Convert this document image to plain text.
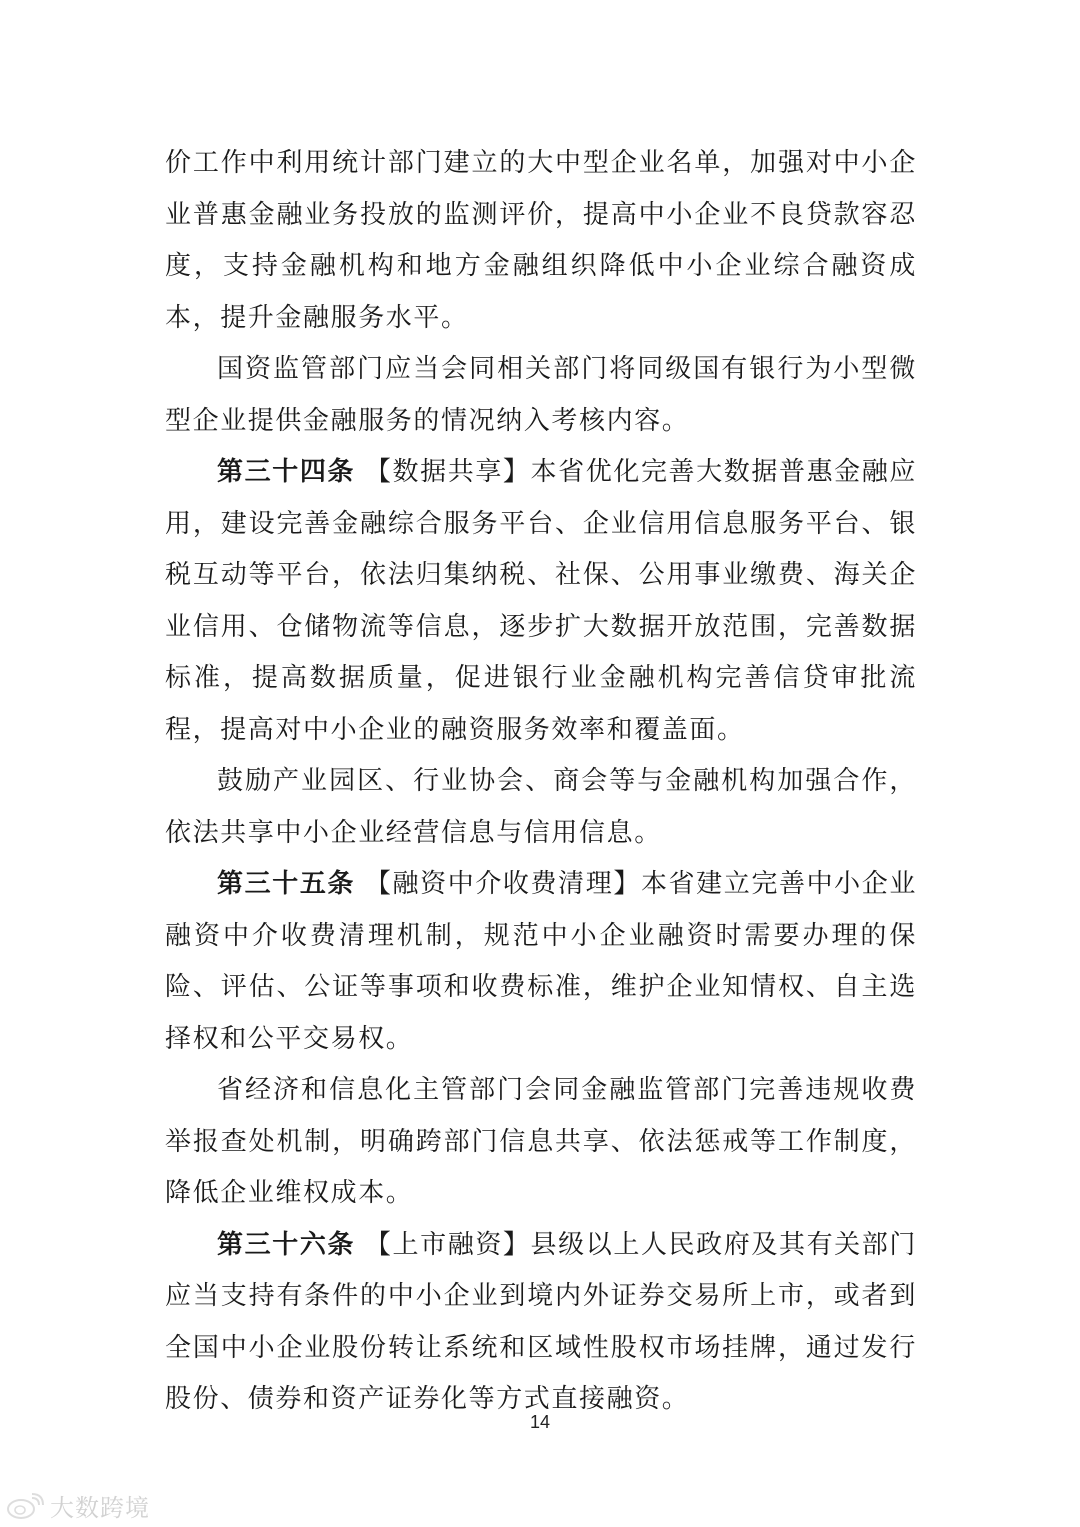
价工作中利用统计部门建立的大中型企业名单，加强对中小企业普惠金融业务投放的监测评价，提高中小企业不良贷款容忍度，支持金融机构和地方金融组织降低中小企业综合融资成本，提升金融服务水平。

国资监管部门应当会同相关部门将同级国有银行为小型微型企业提供金融服务的情况纳入考核内容。

第三十四条 【数据共享】本省优化完善大数据普惠金融应用，建设完善金融综合服务平台、企业信用信息服务平台、银税互动等平台，依法归集纳税、社保、公用事业缴费、海关企业信用、仓储物流等信息，逐步扩大数据开放范围，完善数据标准，提高数据质量，促进银行业金融机构完善信贷审批流程，提高对中小企业的融资服务效率和覆盖面。

鼓励产业园区、行业协会、商会等与金融机构加强合作，依法共享中小企业经营信息与信用信息。

第三十五条 【融资中介收费清理】本省建立完善中小企业融资中介收费清理机制，规范中小企业融资时需要办理的保险、评估、公证等事项和收费标准，维护企业知情权、自主选择权和公平交易权。

省经济和信息化主管部门会同金融监管部门完善违规收费举报查处机制，明确跨部门信息共享、依法惩戒等工作制度，降低企业维权成本。

第三十六条 【上市融资】县级以上人民政府及其有关部门应当支持有条件的中小企业到境内外证券交易所上市，或者到全国中小企业股份转让系统和区域性股权市场挂牌，通过发行股份、债券和资产证券化等方式直接融资。

14
大数跨境
